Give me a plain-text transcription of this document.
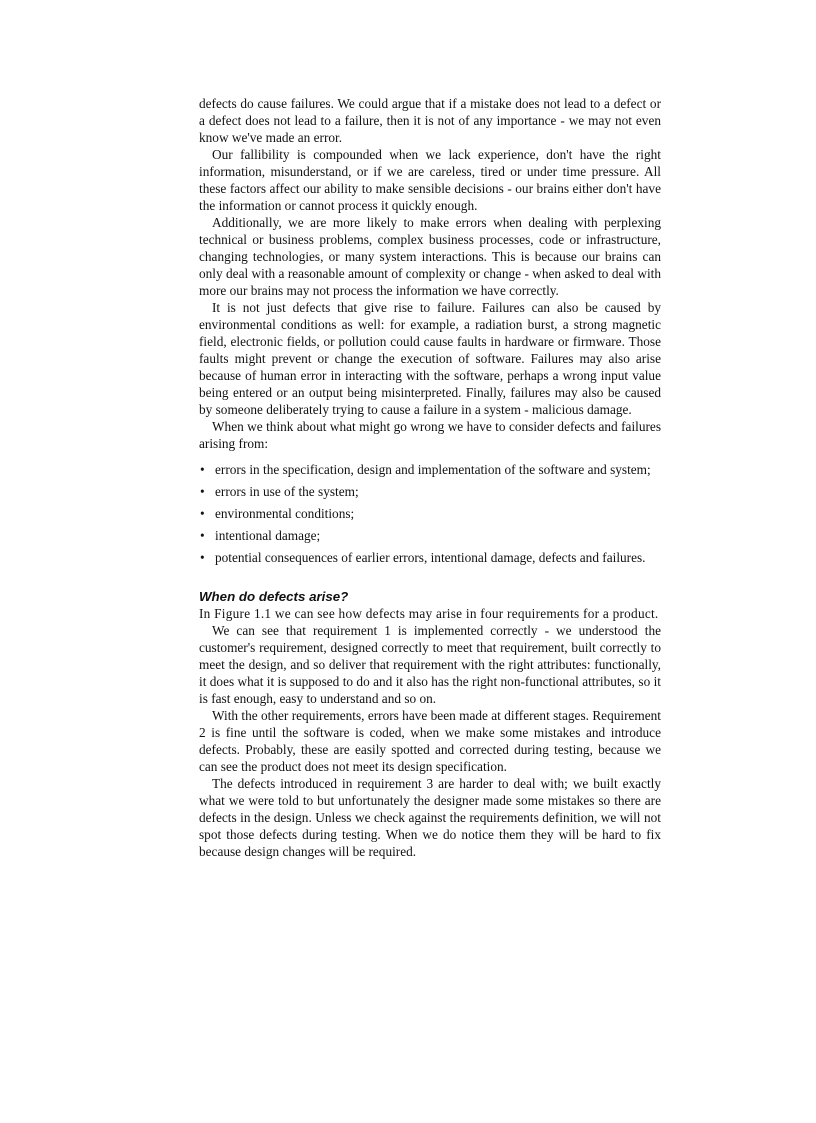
defects do cause failures. We could argue that if a mistake does not lead to a defect or a defect does not lead to a failure, then it is not of any importance - we may not even know we've made an error.

Our fallibility is compounded when we lack experience, don't have the right information, misunderstand, or if we are careless, tired or under time pressure. All these factors affect our ability to make sensible decisions - our brains either don't have the information or cannot process it quickly enough.

Additionally, we are more likely to make errors when dealing with perplexing technical or business problems, complex business processes, code or infrastructure, changing technologies, or many system interactions. This is because our brains can only deal with a reasonable amount of complexity or change - when asked to deal with more our brains may not process the information we have correctly.

It is not just defects that give rise to failure. Failures can also be caused by environmental conditions as well: for example, a radiation burst, a strong magnetic field, electronic fields, or pollution could cause faults in hardware or firmware. Those faults might prevent or change the execution of software. Failures may also arise because of human error in interacting with the software, perhaps a wrong input value being entered or an output being misinterpreted. Finally, failures may also be caused by someone deliberately trying to cause a failure in a system - malicious damage.

When we think about what might go wrong we have to consider defects and failures arising from:

• errors in the specification, design and implementation of the software and system;
• errors in use of the system;
• environmental conditions;
• intentional damage;
• potential consequences of earlier errors, intentional damage, defects and failures.
When do defects arise?

In Figure 1.1 we can see how defects may arise in four requirements for a product.

We can see that requirement 1 is implemented correctly - we understood the customer's requirement, designed correctly to meet that requirement, built correctly to meet the design, and so deliver that requirement with the right attributes: functionally, it does what it is supposed to do and it also has the right non-functional attributes, so it is fast enough, easy to understand and so on.

With the other requirements, errors have been made at different stages. Requirement 2 is fine until the software is coded, when we make some mistakes and introduce defects. Probably, these are easily spotted and corrected during testing, because we can see the product does not meet its design specification.

The defects introduced in requirement 3 are harder to deal with; we built exactly what we were told to but unfortunately the designer made some mistakes so there are defects in the design. Unless we check against the requirements definition, we will not spot those defects during testing. When we do notice them they will be hard to fix because design changes will be required.
